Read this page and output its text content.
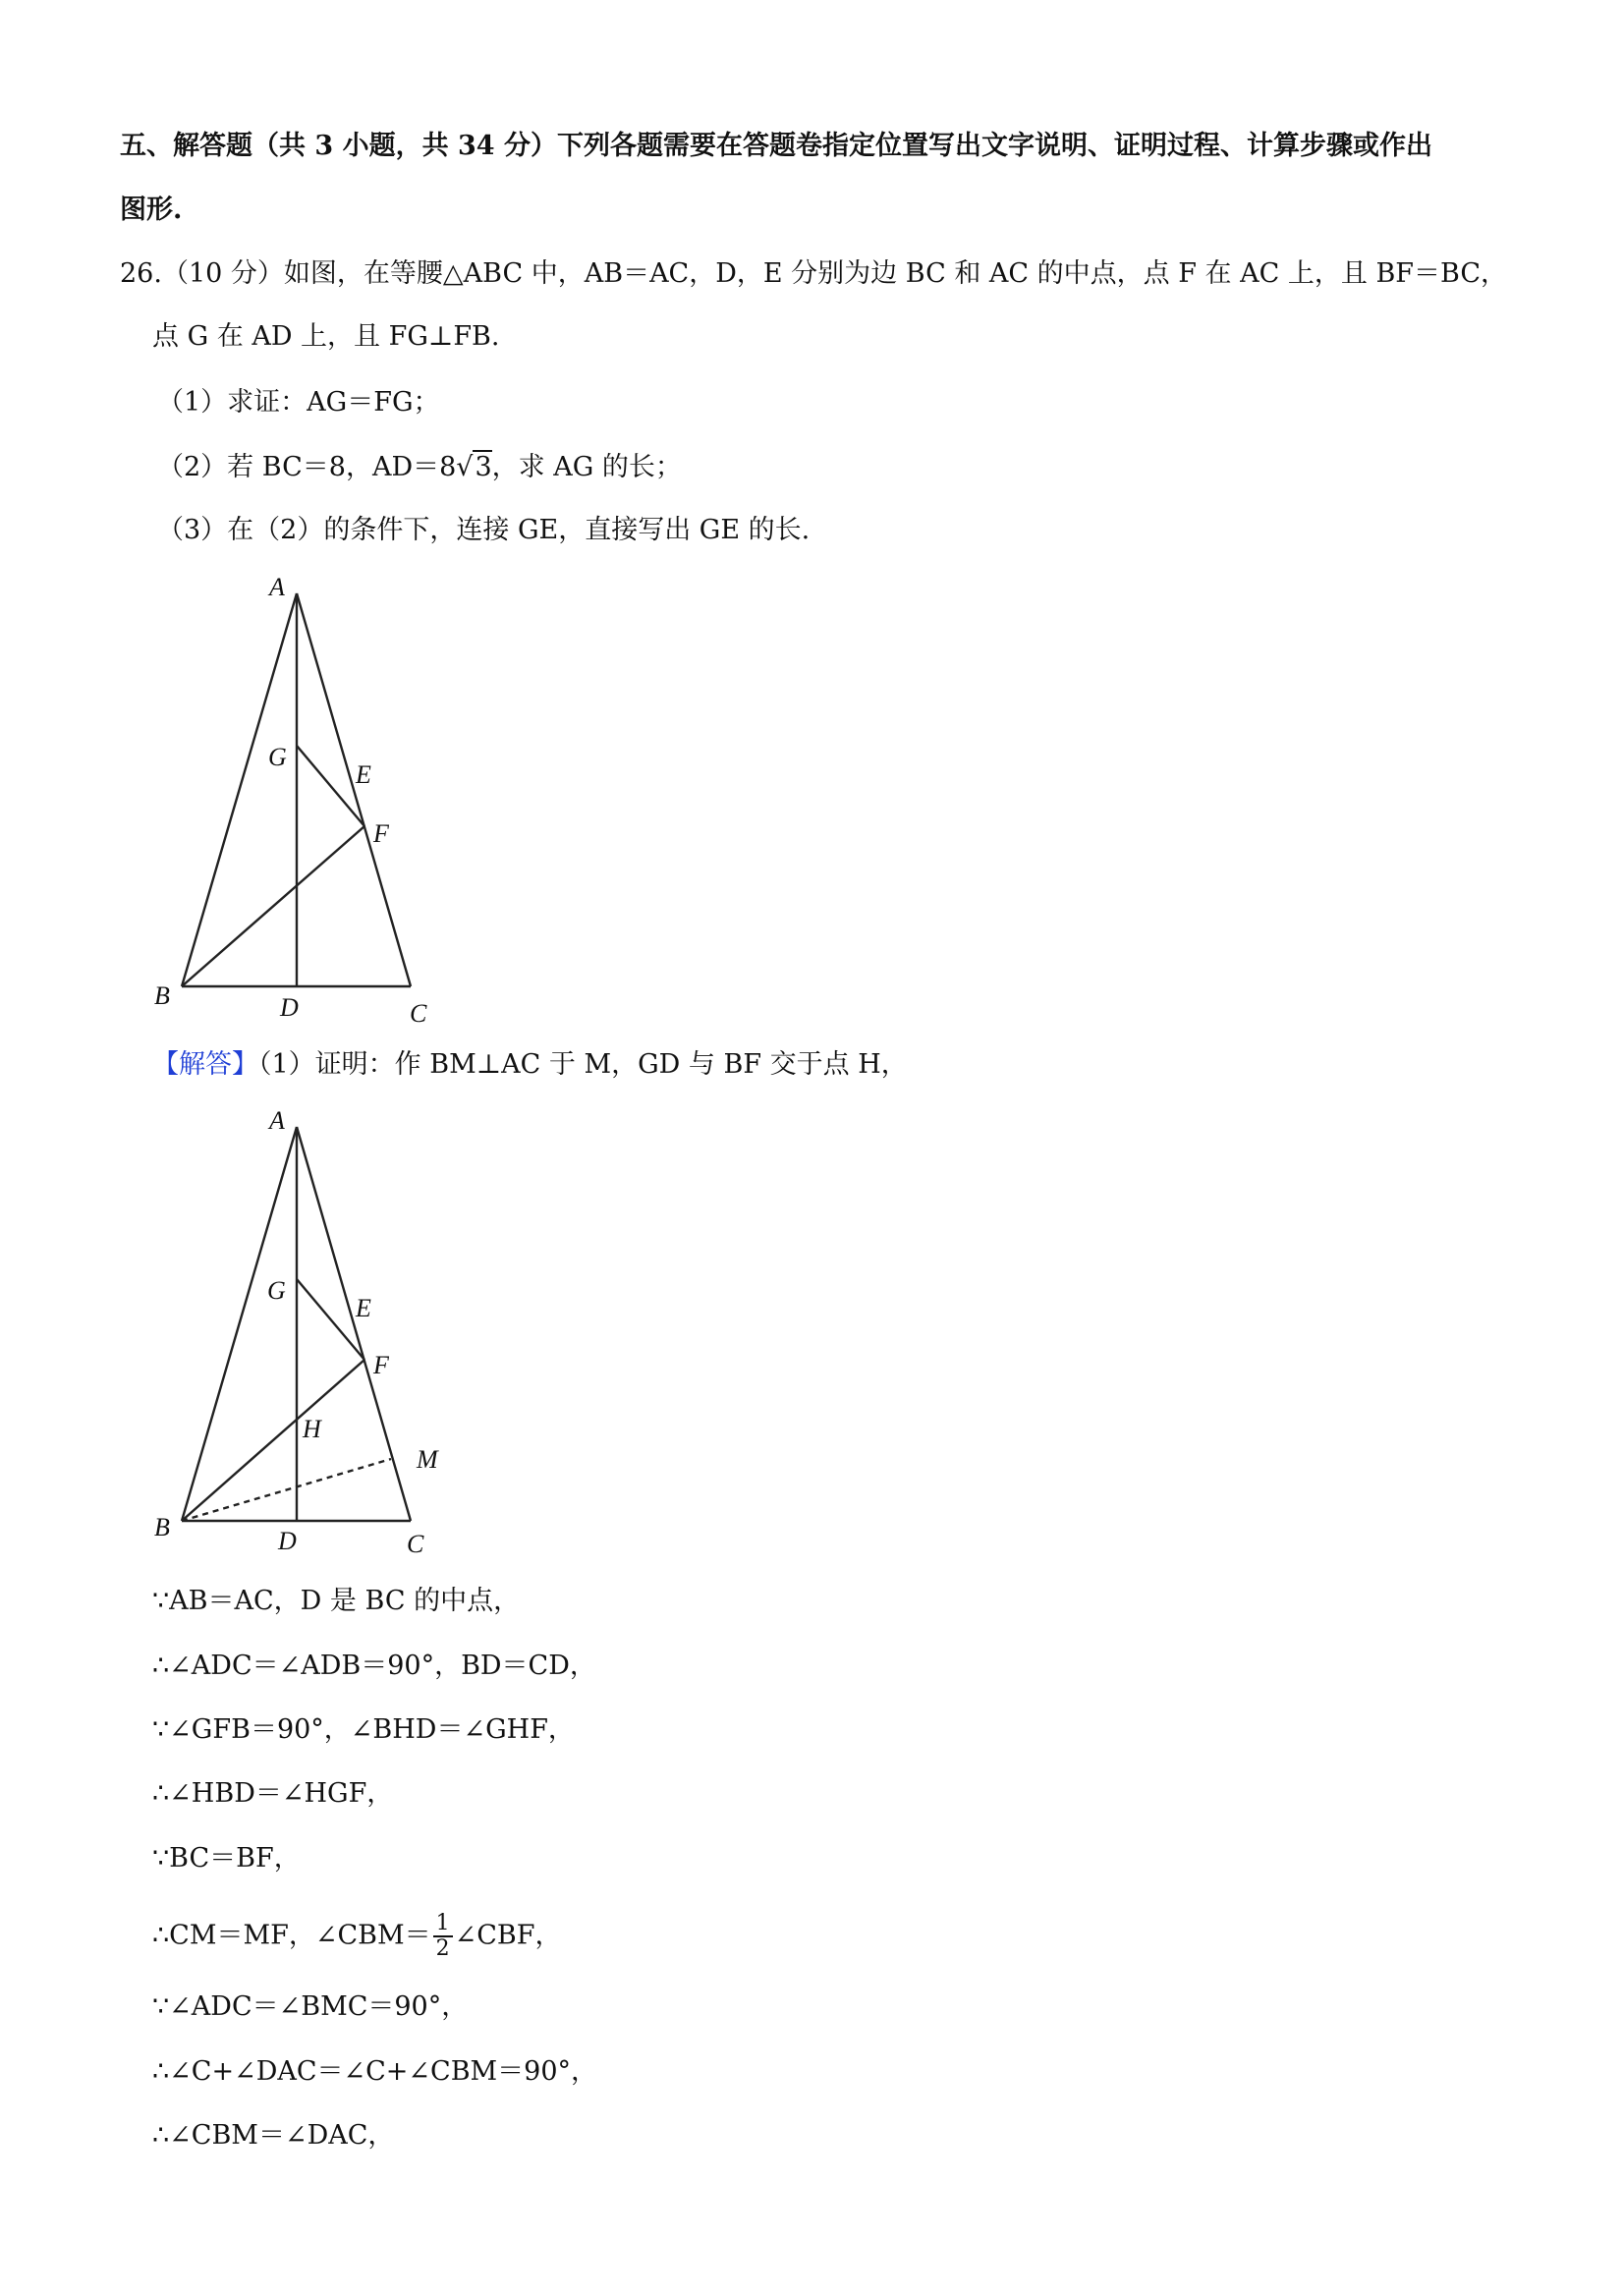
五、解答题（共 3 小题，共 34 分）下列各题需要在答题卷指定位置写出文字说明、证明过程、计算步骤或作出
图形.
26.（10 分）如图，在等腰△ABC 中，AB＝AC，D，E 分别为边 BC 和 AC 的中点，点 F 在 AC 上，且 BF＝BC，
点 G 在 AD 上，且 FG⊥FB.
（1）求证：AG＝FG；
（2）若 BC＝8，AD＝8√3，求 AG 的长；
（3）在（2）的条件下，连接 GE，直接写出 GE 的长.
A
B
C
D
E
F
G
【解答】（1）证明：作 BM⊥AC 于 M，GD 与 BF 交于点 H，
A
B
C
D
E
F
G
H
M
∵AB＝AC，D 是 BC 的中点，
∴∠ADC＝∠ADB＝90°，BD＝CD，
∵∠GFB＝90°，∠BHD＝∠GHF，
∴∠HBD＝∠HGF，
∵BC＝BF，
∴CM＝MF，∠CBM＝ $\frac{1}{2}$ ∠CBF，
∵∠ADC＝∠BMC＝90°，
∴∠C+∠DAC＝∠C+∠CBM＝90°，
∴∠CBM＝∠DAC，
